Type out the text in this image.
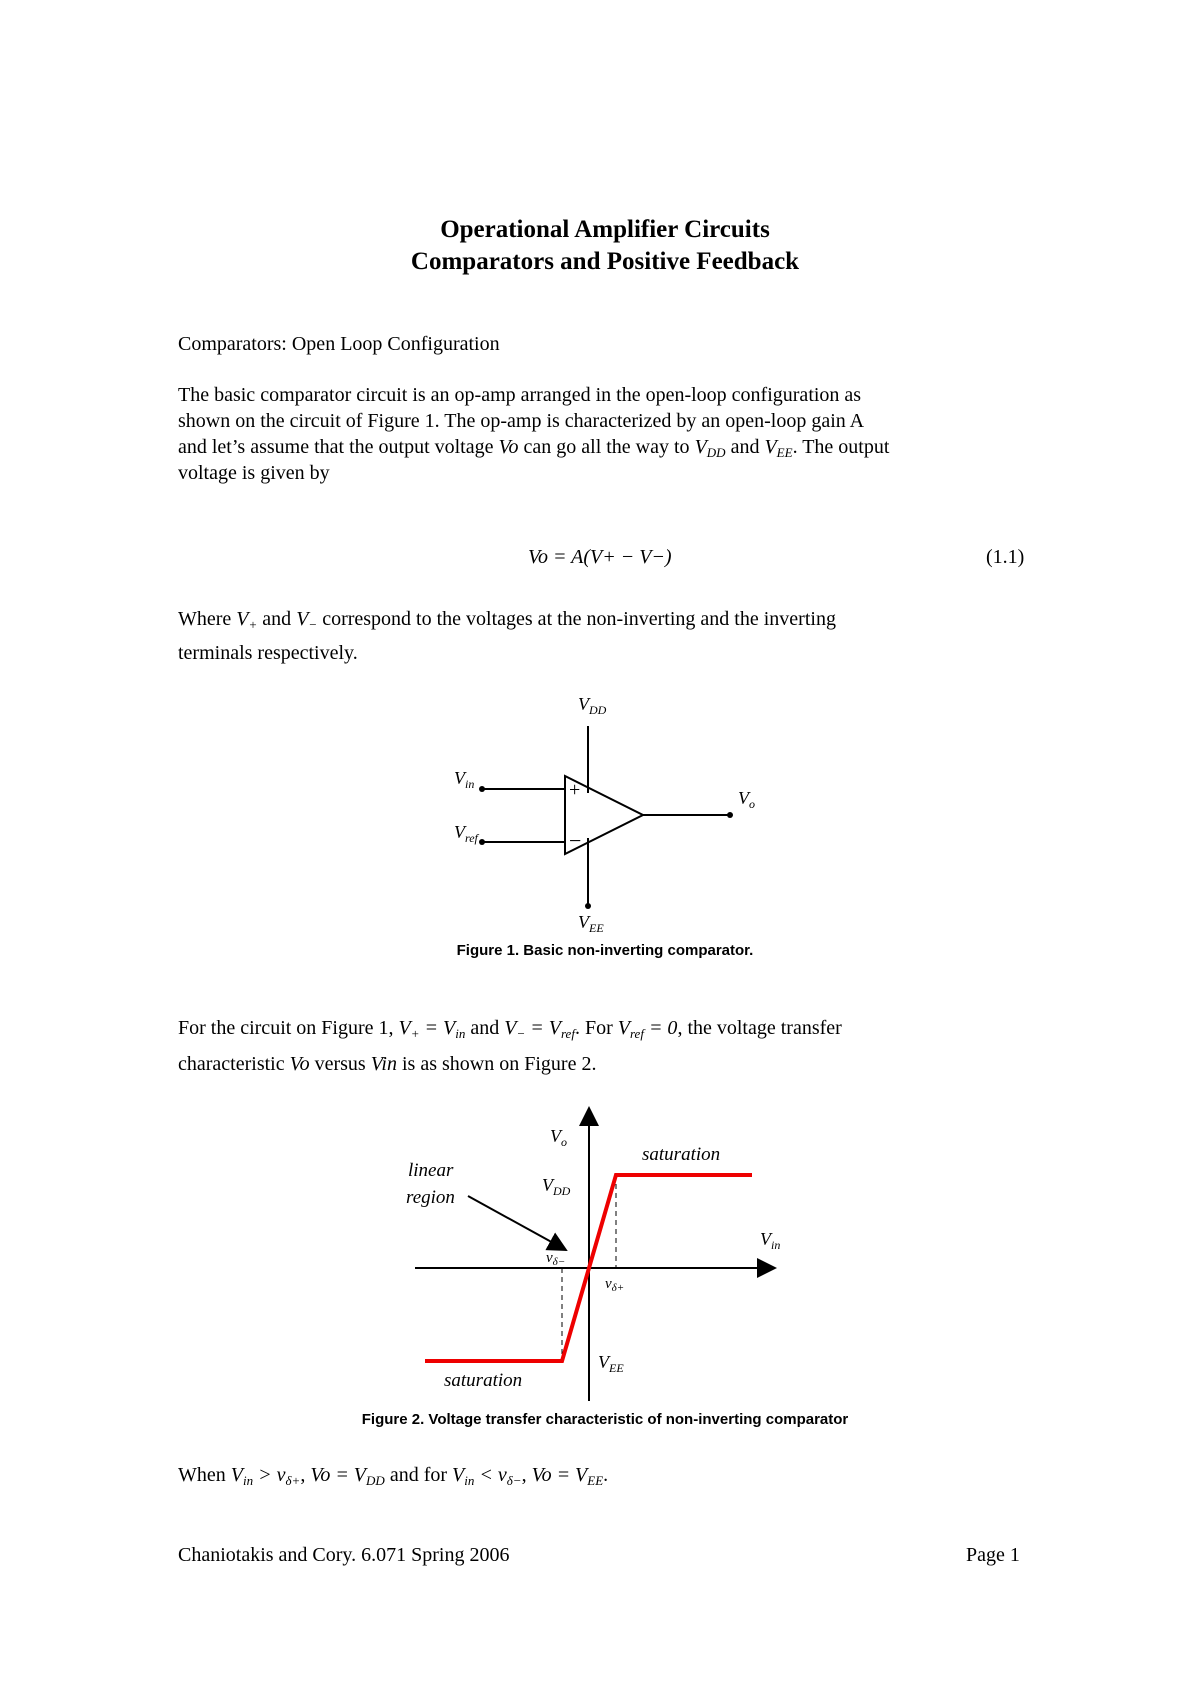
Operational Amplifier Circuits
Comparators and Positive Feedback
Comparators: Open Loop Configuration
The basic comparator circuit is an op-amp arranged in the open-loop configuration as
shown on the circuit of Figure 1. The op-amp is characterized by an open-loop gain A
and let’s assume that the output voltage Vo can go all the way to $V_{DD}$ and $V_{EE}$. The output
voltage is given by
Vo = A(V+ − V−)	(1.1)
Where $V_+$ and $V_-$ correspond to the voltages at the non-inverting and the inverting
terminals respectively.
+
−
$V_{DD}$
$V_{in}$
$V_{ref}$
$V_o$
$V_{EE}$
Figure 1. Basic non-inverting comparator.
For the circuit on Figure 1, $V_+ = V_{in}$ and $V_- = V_{ref}$. For $V_{ref} = 0$, the voltage transfer
characteristic Vo versus Vin is as shown on Figure 2.
$V_o$
$V_{in}$
$V_{DD}$
$V_{EE}$
$v_{\delta-}$
$v_{\delta+}$
linear
region
saturation
saturation
Figure 2. Voltage transfer characteristic of non-inverting comparator
When $V_{in} > v_{\delta+}$, $Vo = V_{DD}$ and for $V_{in} < v_{\delta-}$, $Vo = V_{EE}$.
Chaniotakis and Cory. 6.071 Spring 2006	Page 1
